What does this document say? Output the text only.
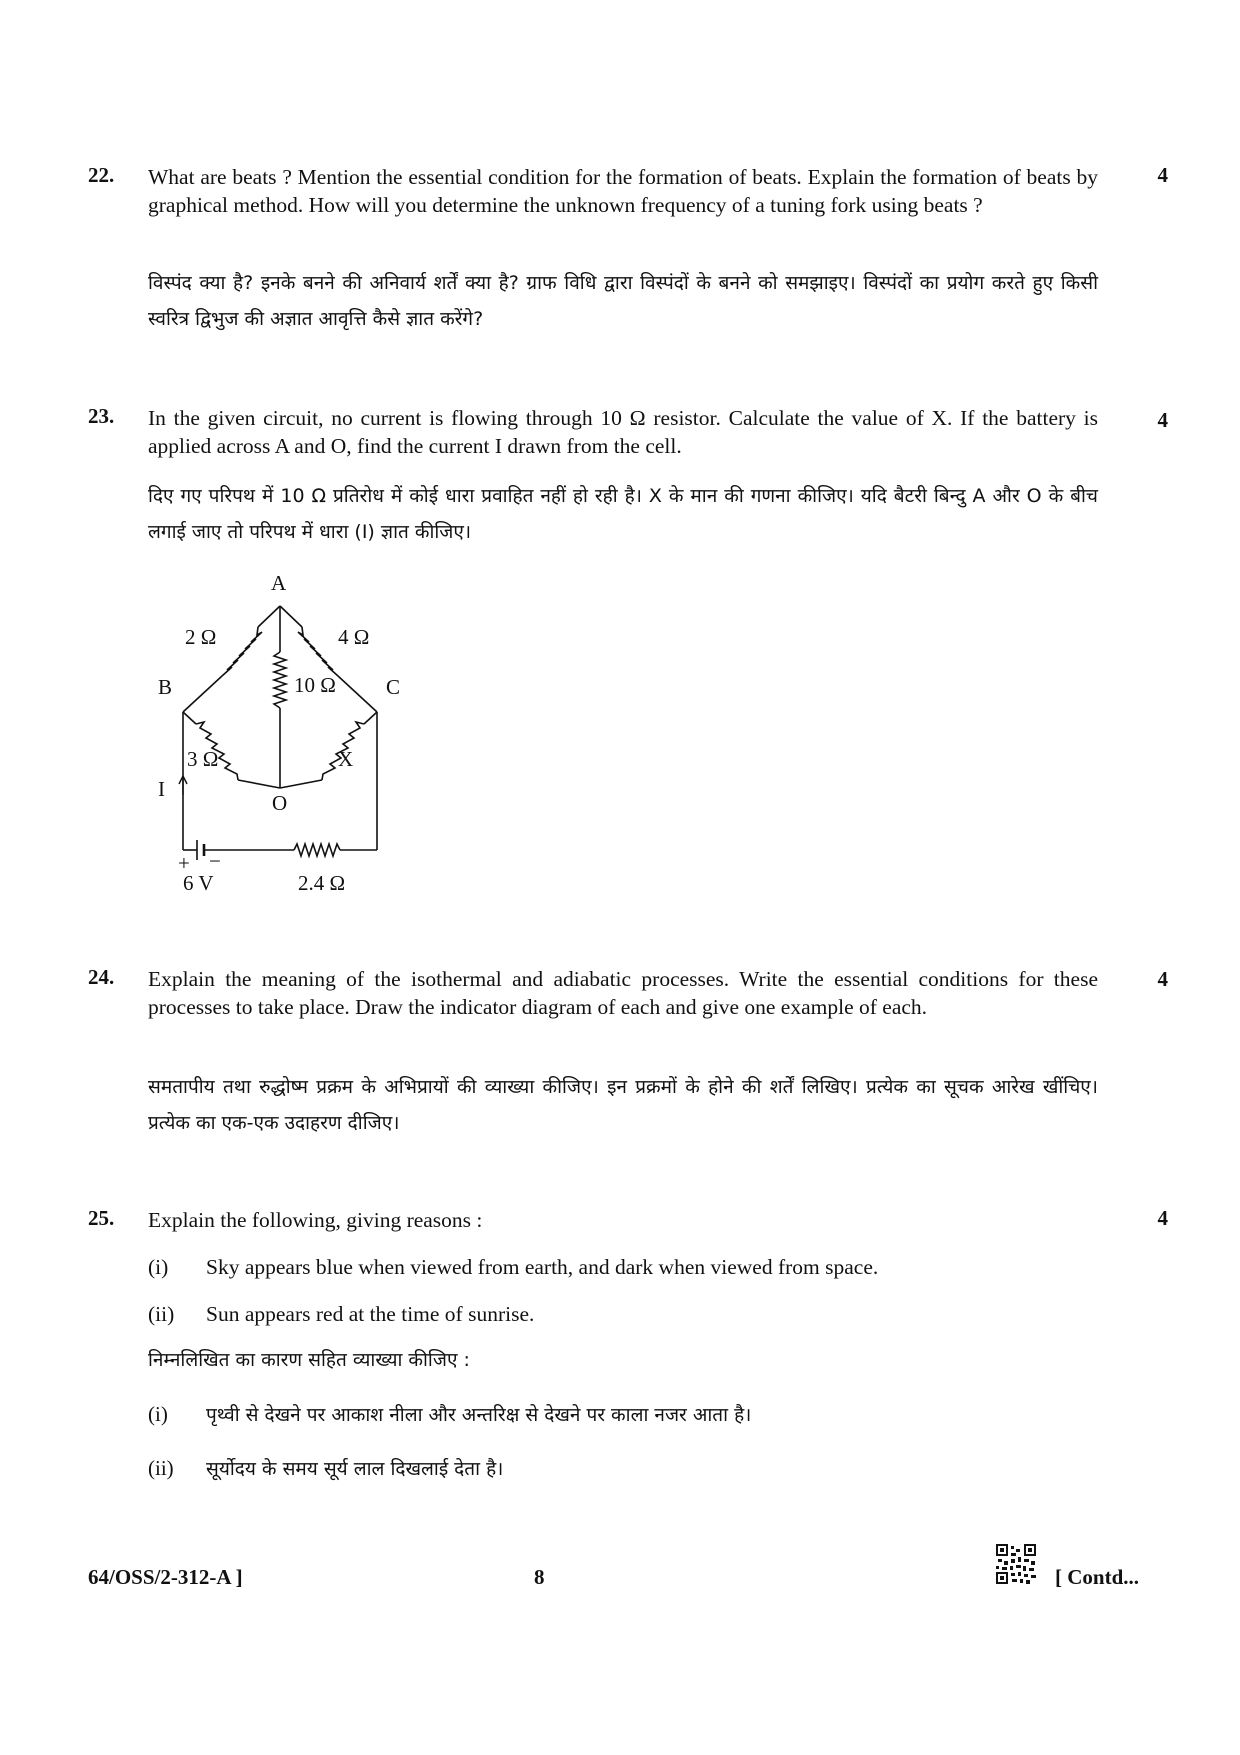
22.	4
What are beats ? Mention the essential condition for the formation of beats. Explain the formation of beats by graphical method. How will you determine the unknown frequency of a tuning fork using beats ?
विस्पंद क्या है? इनके बनने की अनिवार्य शर्तें क्या है? ग्राफ विधि द्वारा विस्पंदों के बनने को समझाइए। विस्पंदों का प्रयोग करते हुए किसी स्वरित्र द्विभुज की अज्ञात आवृत्ति कैसे ज्ञात करेंगे?
23.	4
In the given circuit, no current is flowing through 10 Ω resistor. Calculate the value of X. If the battery is applied across A and O, find the current I drawn from the cell.
दिए गए परिपथ में 10 Ω प्रतिरोध में कोई धारा प्रवाहित नहीं हो रही है। X के मान की गणना कीजिए। यदि बैटरी बिन्दु A और O के बीच लगाई जाए तो परिपथ में धारा (I) ज्ञात कीजिए।
A
B	C
O
2 Ω	4 Ω
10 Ω
3 Ω	X
I
+ −
6 V	2.4 Ω
24.	4
Explain the meaning of the isothermal and adiabatic processes. Write the essential conditions for these processes to take place. Draw the indicator diagram of each and give one example of each.
समतापीय तथा रुद्धोष्म प्रक्रम के अभिप्रायों की व्याख्या कीजिए। इन प्रक्रमों के होने की शर्तें लिखिए। प्रत्येक का सूचक आरेख खींचिए। प्रत्येक का एक-एक उदाहरण दीजिए।
25.	4
Explain the following, giving reasons :
(i) Sky appears blue when viewed from earth, and dark when viewed from space.
(ii) Sun appears red at the time of sunrise.
निम्नलिखित का कारण सहित व्याख्या कीजिए :
(i) पृथ्वी से देखने पर आकाश नीला और अन्तरिक्ष से देखने पर काला नजर आता है।
(ii) सूर्योदय के समय सूर्य लाल दिखलाई देता है।
64/OSS/2-312-A ]	8	[ Contd...
